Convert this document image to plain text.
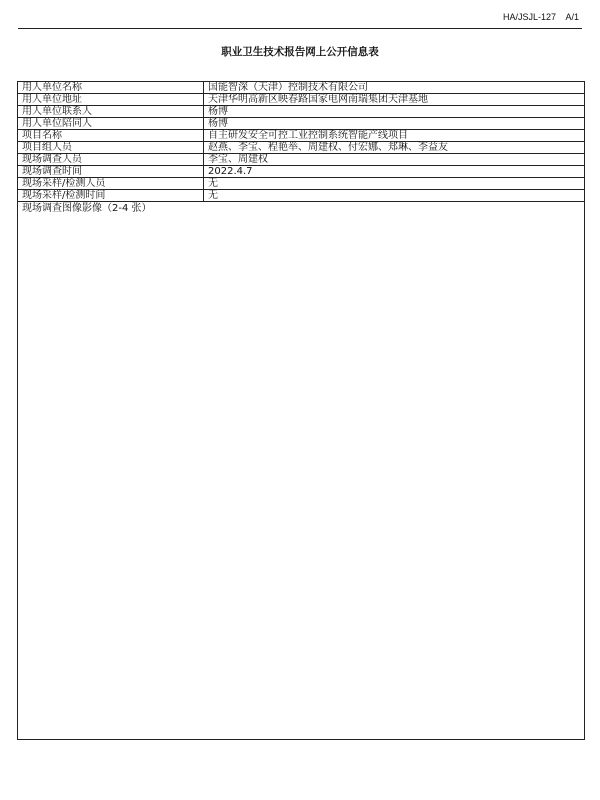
HA/JSJL-127    A/1
职业卫生技术报告网上公开信息表
用人单位名称	国能智深（天津）控制技术有限公司
用人单位地址	天津华明高新区映春路国家电网南瑞集团天津基地
用人单位联系人	杨博
用人单位陪同人	杨博
项目名称	自主研发安全可控工业控制系统智能产线项目
项目组人员	赵燕、李宝、程艳举、周建权、付宏娜、郑琳、李益友
现场调查人员	李宝、周建权
现场调查时间	2022.4.7
现场采样/检测人员	无
现场采样/检测时间	无
现场调查图像影像（2-4 张）	
